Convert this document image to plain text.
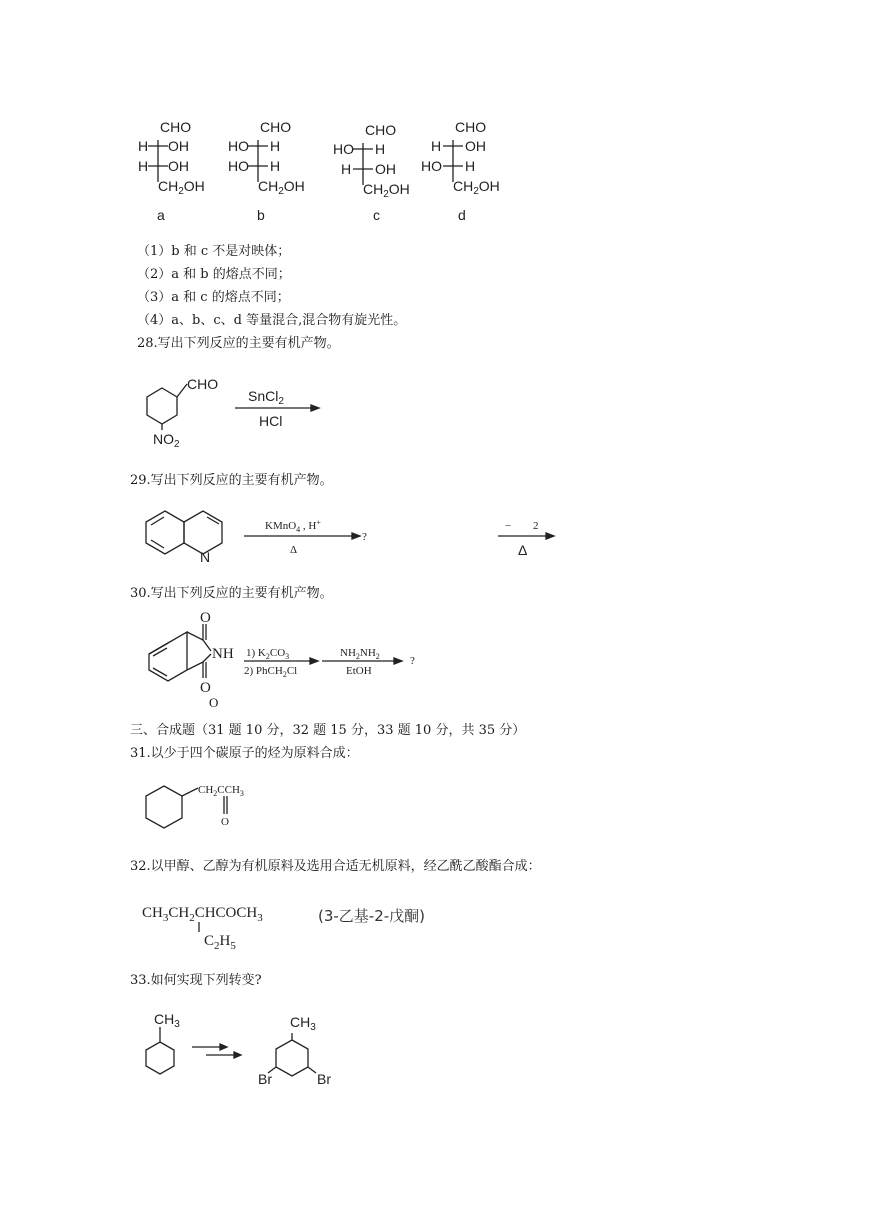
CHO
H OH
H OH
$CH_2OH$
a
CHO
HO H
HO H
$CH_2OH$
b
CHO
HO H
H OH
$CH_2OH$
c
CHO
H OH
HO H
$CH_2OH$
d
（1）b 和 c 不是对映体；
（2）a 和 b 的熔点不同；
（3）a 和 c 的熔点不同；
（4）a、b、c、d 等量混合,混合物有旋光性。
28.写出下列反应的主要有机产物。
CHO
$NO_2$
SnCl$_2$
HCl
29.写出下列反应的主要有机产物。
N
KMnO$_4$ , H+
Δ
?
− 2
Δ
30.写出下列反应的主要有机产物。
O
O
NH 1) $K_2CO_3$
2) PhCH$_2$Cl
$NH_2NH_2$
EtOH
?
O
三、合成题（31 题 10 分，32 题 15 分，33 题 10 分，共 35 分）
31.以少于四个碳原子的烃为原料合成：
$CH_2CCH_3$
O
32.以甲醇、乙醇为有机原料及选用合适无机原料，经乙酰乙酸酯合成：
$CH_3CH_2CHCOCH_3$
$C_2H_5$
(3-乙基-2-戊酮)
33.如何实现下列转变?
$CH_3$	$CH_3$
Br	Br
